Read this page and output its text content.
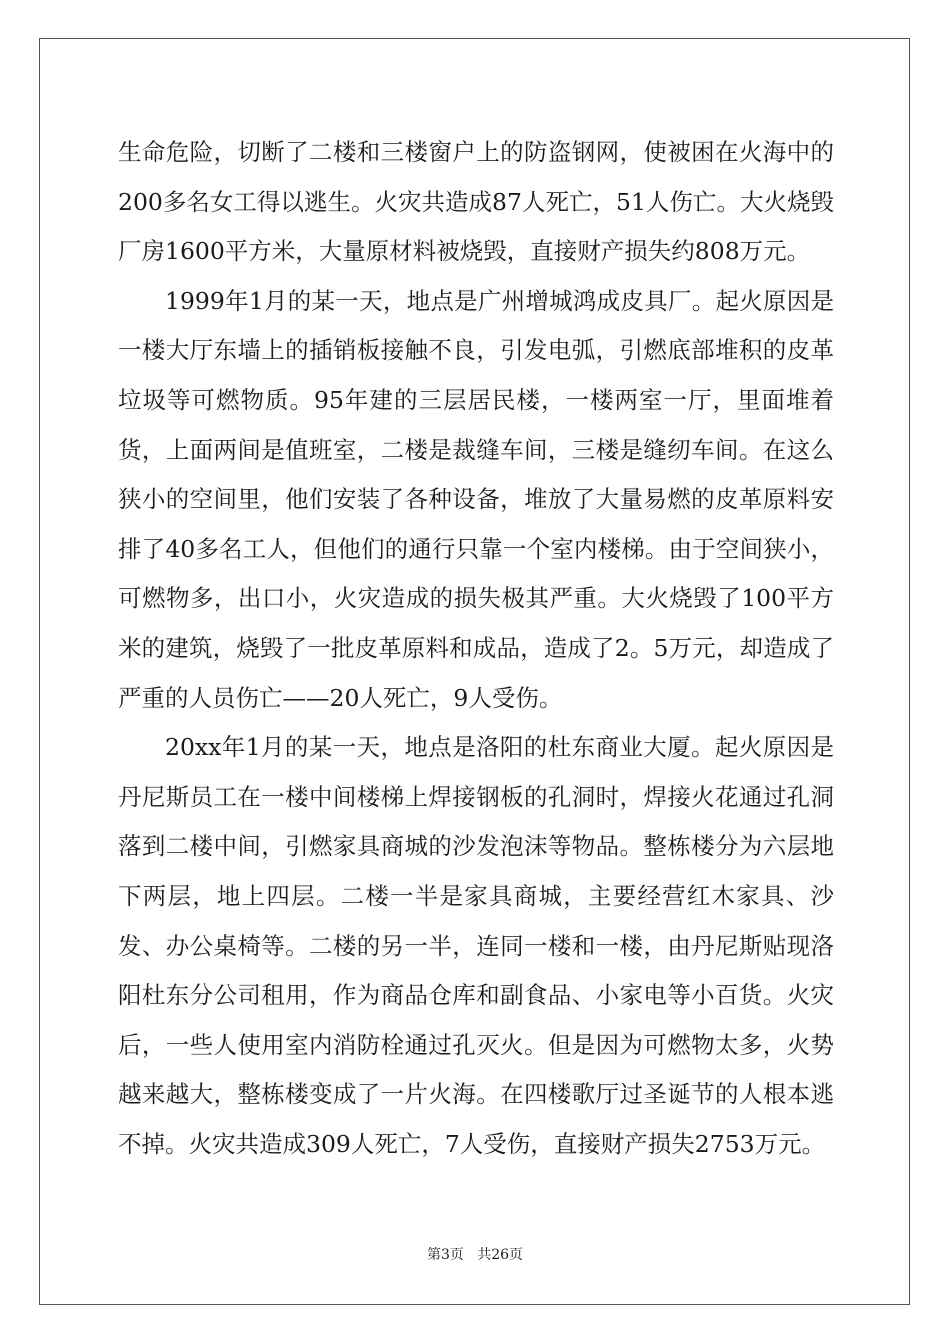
生命危险，切断了二楼和三楼窗户上的防盗钢网，使被困在火海中的200多名女工得以逃生。火灾共造成87人死亡，51人伤亡。大火烧毁厂房1600平方米，大量原材料被烧毁，直接财产损失约808万元。

1999年1月的某一天，地点是广州增城鸿成皮具厂。起火原因是一楼大厅东墙上的插销板接触不良，引发电弧，引燃底部堆积的皮革垃圾等可燃物质。95年建的三层居民楼，一楼两室一厅，里面堆着货，上面两间是值班室，二楼是裁缝车间，三楼是缝纫车间。在这么狭小的空间里，他们安装了各种设备，堆放了大量易燃的皮革原料安排了40多名工人，但他们的通行只靠一个室内楼梯。由于空间狭小，可燃物多，出口小，火灾造成的损失极其严重。大火烧毁了100平方米的建筑，烧毁了一批皮革原料和成品，造成了2。5万元，却造成了严重的人员伤亡——20人死亡，9人受伤。

20xx年1月的某一天，地点是洛阳的杜东商业大厦。起火原因是丹尼斯员工在一楼中间楼梯上焊接钢板的孔洞时，焊接火花通过孔洞落到二楼中间，引燃家具商城的沙发泡沫等物品。整栋楼分为六层地下两层，地上四层。二楼一半是家具商城，主要经营红木家具、沙发、办公桌椅等。二楼的另一半，连同一楼和一楼，由丹尼斯贴现洛阳杜东分公司租用，作为商品仓库和副食品、小家电等小百货。火灾后，一些人使用室内消防栓通过孔灭火。但是因为可燃物太多，火势越来越大，整栋楼变成了一片火海。在四楼歌厅过圣诞节的人根本逃不掉。火灾共造成309人死亡，7人受伤，直接财产损失2753万元。

第3页   共26页
